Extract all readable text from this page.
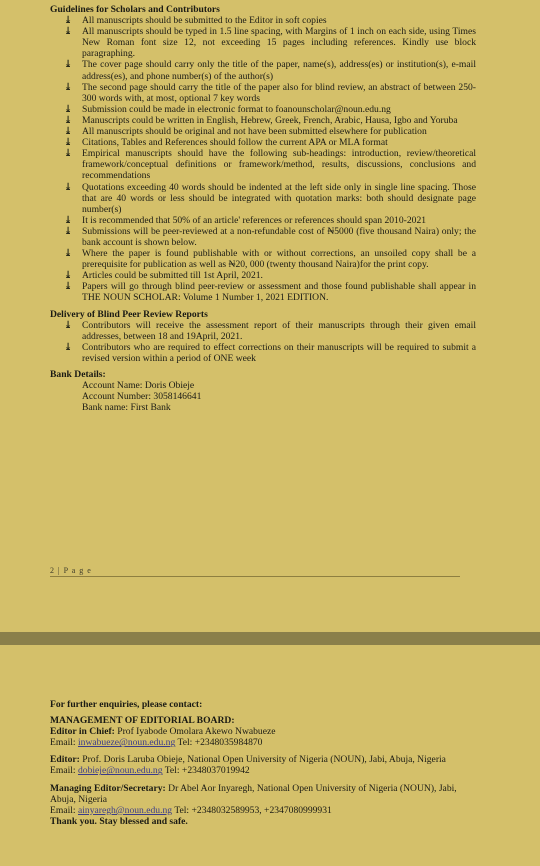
Guidelines for Scholars and Contributors
⤓ All manuscripts should be submitted to the Editor in soft copies
⤓ All manuscripts should be typed in 1.5 line spacing, with Margins of 1 inch on each side, using Times New Roman font size 12, not exceeding 15 pages including references. Kindly use block paragraphing.
⤓ The cover page should carry only the title of the paper, name(s), address(es) or institution(s), e-mail address(es), and phone number(s) of the author(s)
⤓ The second page should carry the title of the paper also for blind review, an abstract of between 250-300 words with, at most, optional 7 key words
⤓ Submission could be made in electronic format to foanounscholar@noun.edu.ng
⤓ Manuscripts could be written in English, Hebrew, Greek, French, Arabic, Hausa, Igbo and Yoruba
⤓ All manuscripts should be original and not have been submitted elsewhere for publication
⤓ Citations, Tables and References should follow the current APA or MLA format
⤓ Empirical manuscripts should have the following sub-headings: introduction, review/theoretical framework/conceptual definitions or framework/method, results, discussions, conclusions and recommendations
⤓ Quotations exceeding 40 words should be indented at the left side only in single line spacing. Those that are 40 words or less should be integrated with quotation marks: both should designate page number(s)
⤓ It is recommended that 50% of an article' references or references should span 2010-2021
⤓ Submissions will be peer-reviewed at a non-refundable cost of ₦5000 (five thousand Naira) only; the bank account is shown below.
⤓ Where the paper is found publishable with or without corrections, an unsoiled copy shall be a prerequisite for publication as well as ₦20, 000 (twenty thousand Naira)for the print copy.
⤓ Articles could be submitted till 1st April, 2021.
⤓ Papers will go through blind peer-review or assessment and those found publishable shall appear in THE NOUN SCHOLAR: Volume 1 Number 1, 2021 EDITION.
Delivery of Blind Peer Review Reports
⤓ Contributors will receive the assessment report of their manuscripts through their given email addresses, between 18 and 19April, 2021.
⤓ Contributors who are required to effect corrections on their manuscripts will be required to submit a revised version within a period of ONE week
Bank Details:
Account Name: Doris Obieje
Account Number: 3058146641
Bank name: First Bank
2 | P a g e
For further enquiries, please contact:
MANAGEMENT OF EDITORIAL BOARD:
Editor in Chief: Prof Iyabode Omolara Akewo Nwabueze
Email: inwabueze@noun.edu.ng Tel: +2348035984870
Editor: Prof. Doris Laruba Obieje, National Open University of Nigeria (NOUN), Jabi, Abuja, Nigeria
Email: dobieje@noun.edu.ng Tel: +2348037019942
Managing Editor/Secretary: Dr Abel Aor Inyaregh, National Open University of Nigeria (NOUN), Jabi, Abuja, Nigeria
Email: ainyaregh@noun.edu.ng Tel: +2348032589953, +2347080999931
Thank you. Stay blessed and safe.
